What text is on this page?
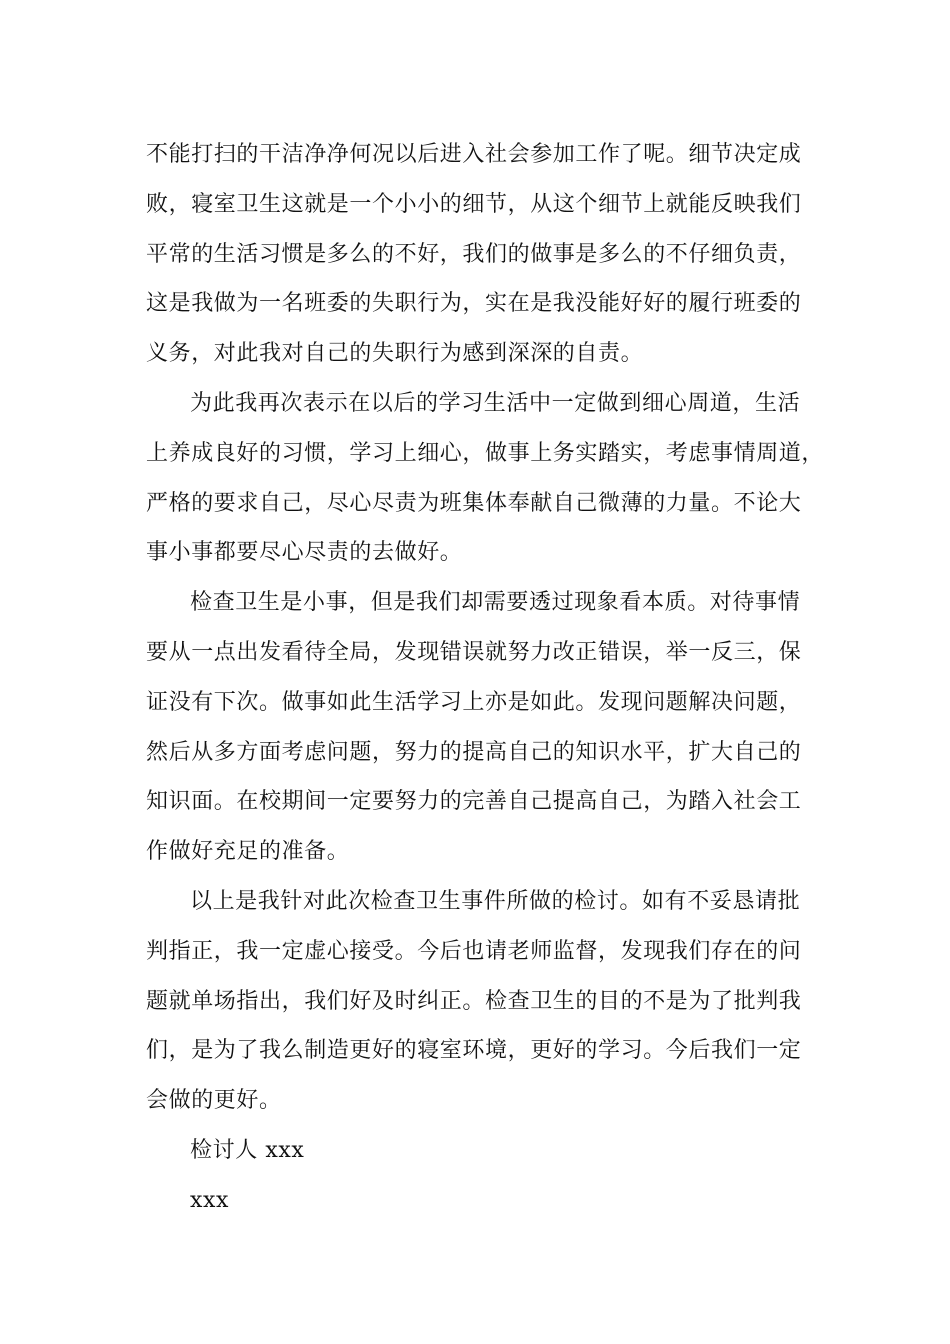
不能打扫的干洁净净何况以后进入社会参加工作了呢。细节决定成
败，寝室卫生这就是一个小小的细节，从这个细节上就能反映我们
平常的生活习惯是多么的不好，我们的做事是多么的不仔细负责，
这是我做为一名班委的失职行为，实在是我没能好好的履行班委的
义务，对此我对自己的失职行为感到深深的自责。
为此我再次表示在以后的学习生活中一定做到细心周道，生活
上养成良好的习惯，学习上细心，做事上务实踏实，考虑事情周道，
严格的要求自己，尽心尽责为班集体奉献自己微薄的力量。不论大
事小事都要尽心尽责的去做好。
检查卫生是小事，但是我们却需要透过现象看本质。对待事情
要从一点出发看待全局，发现错误就努力改正错误，举一反三，保
证没有下次。做事如此生活学习上亦是如此。发现问题解决问题，
然后从多方面考虑问题，努力的提高自己的知识水平，扩大自己的
知识面。在校期间一定要努力的完善自己提高自己，为踏入社会工
作做好充足的准备。
以上是我针对此次检查卫生事件所做的检讨。如有不妥恳请批
判指正，我一定虚心接受。今后也请老师监督，发现我们存在的问
题就单场指出，我们好及时纠正。检查卫生的目的不是为了批判我
们，是为了我么制造更好的寝室环境，更好的学习。今后我们一定
会做的更好。
检讨人 xxx
xxx
